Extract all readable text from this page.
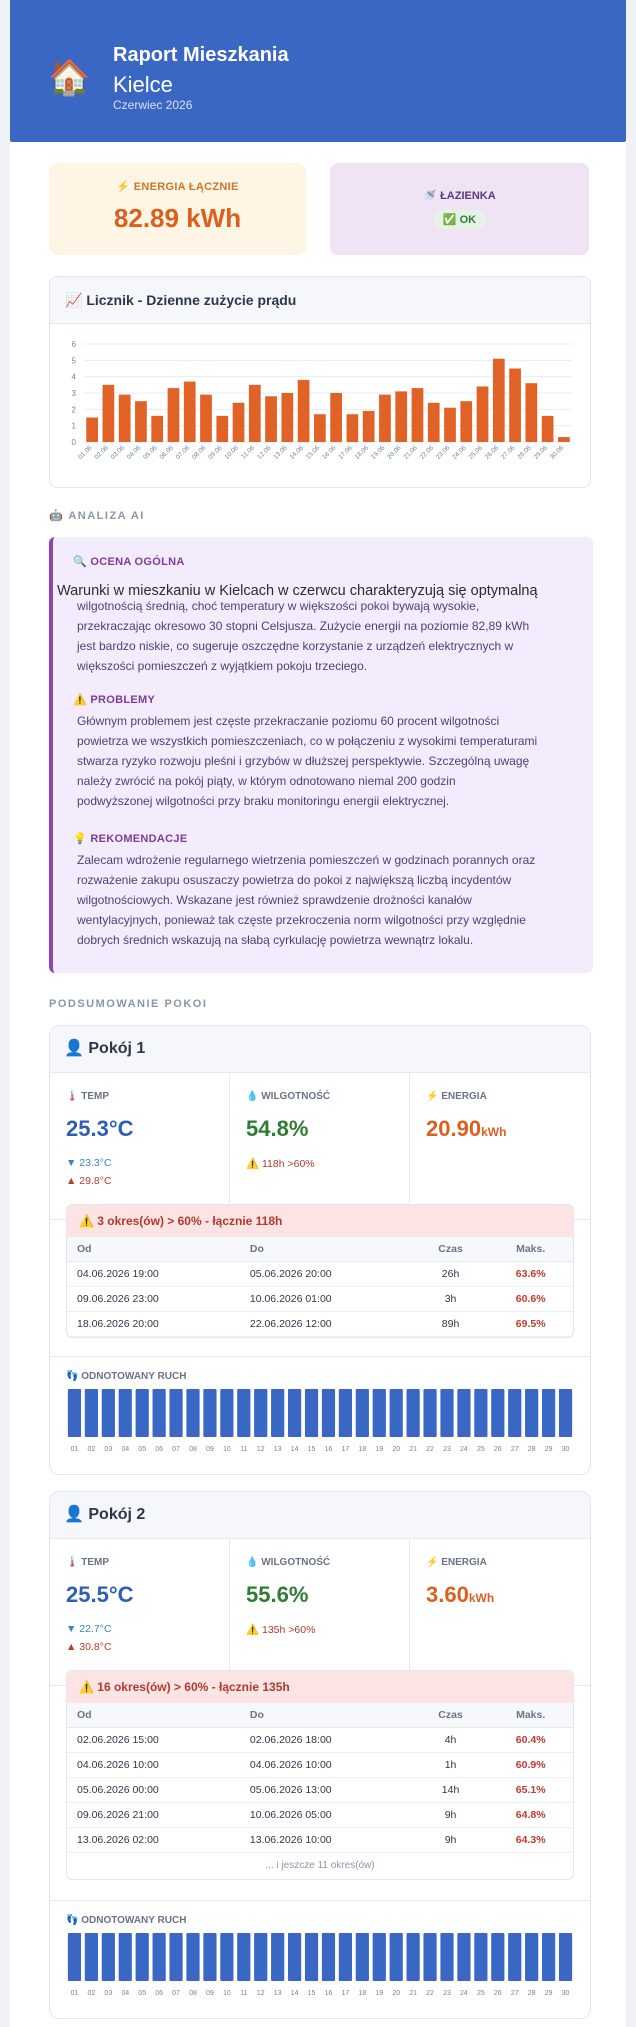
🏠
Raport Mieszkania
Kielce
Czerwiec 2026
⚡ ENERGIA ŁĄCZNIE
82.89 kWh
🚿 ŁAZIENKA
✅ OK
📈 Licznik - Dzienne zużycie prądu
0
1
2
3
4
5
6
01.06 02.06 03.06 04.06 05.06 06.06 07.06 08.06 09.06 10.06 11.06 12.06 13.06 14.06 15.06 16.06 17.06 18.06 19.06 20.06 21.06 22.06 23.06 24.06 25.06 26.06 27.06 28.06 29.06 30.06
🤖 ANALIZA AI
🔍 OCENA OGÓLNA
wilgotnością średnią, choć temperatury w większości pokoi bywają wysokie,
przekraczając okresowo 30 stopni Celsjusza. Zużycie energii na poziomie 82,89 kWh
jest bardzo niskie, co sugeruje oszczędne korzystanie z urządzeń elektrycznych w
większości pomieszczeń z wyjątkiem pokoju trzeciego.
⚠️ PROBLEMY
Głównym problemem jest częste przekraczanie poziomu 60 procent wilgotności
powietrza we wszystkich pomieszczeniach, co w połączeniu z wysokimi temperaturami
stwarza ryzyko rozwoju pleśni i grzybów w dłuższej perspektywie. Szczególną uwagę
należy zwrócić na pokój piąty, w którym odnotowano niemal 200 godzin
podwyższonej wilgotności przy braku monitoringu energii elektrycznej.
💡 REKOMENDACJE
Zalecam wdrożenie regularnego wietrzenia pomieszczeń w godzinach porannych oraz
rozważenie zakupu osuszaczy powietrza do pokoi z największą liczbą incydentów
wilgotnościowych. Wskazane jest również sprawdzenie drożności kanałów
wentylacyjnych, ponieważ tak częste przekroczenia norm wilgotności przy względnie
dobrych średnich wskazują na słabą cyrkulację powietrza wewnątrz lokalu.
Warunki w mieszkaniu w Kielcach w czerwcu charakteryzują się optymalną
PODSUMOWANIE POKOI
👤 Pokój 1
🌡️ TEMP
25.3°C
▼ 23.3°C
▲ 29.8°C
💧 WILGOTNOŚĆ
54.8%
⚠️ 118h >60%
⚡ ENERGIA
20.90kWh
⚠️ 3 okres(ów) > 60% - łącznie 118h
Od	Do	Czas	Maks.
04.06.2026 19:00	05.06.2026 20:00	26h	63.6%
09.06.2026 23:00	10.06.2026 01:00	3h	60.6%
18.06.2026 20:00	22.06.2026 12:00	89h	69.5%
👣 ODNOTOWANY RUCH
01 02 03 04 05 06 07 08 09 10 11 12 13 14 15 16 17 18 19 20 21 22 23 24 25 26 27 28 29 30
👤 Pokój 2
🌡️ TEMP
25.5°C
▼ 22.7°C
▲ 30.8°C
💧 WILGOTNOŚĆ
55.6%
⚠️ 135h >60%
⚡ ENERGIA
3.60kWh
⚠️ 16 okres(ów) > 60% - łącznie 135h
Od	Do	Czas	Maks.
02.06.2026 15:00	02.06.2026 18:00	4h	60.4%
04.06.2026 10:00	04.06.2026 10:00	1h	60.9%
05.06.2026 00:00	05.06.2026 13:00	14h	65.1%
09.06.2026 21:00	10.06.2026 05:00	9h	64.8%
13.06.2026 02:00	13.06.2026 10:00	9h	64.3%
... i jeszcze 11 okres(ów)
👣 ODNOTOWANY RUCH
01 02 03 04 05 06 07 08 09 10 11 12 13 14 15 16 17 18 19 20 21 22 23 24 25 26 27 28 29 30
